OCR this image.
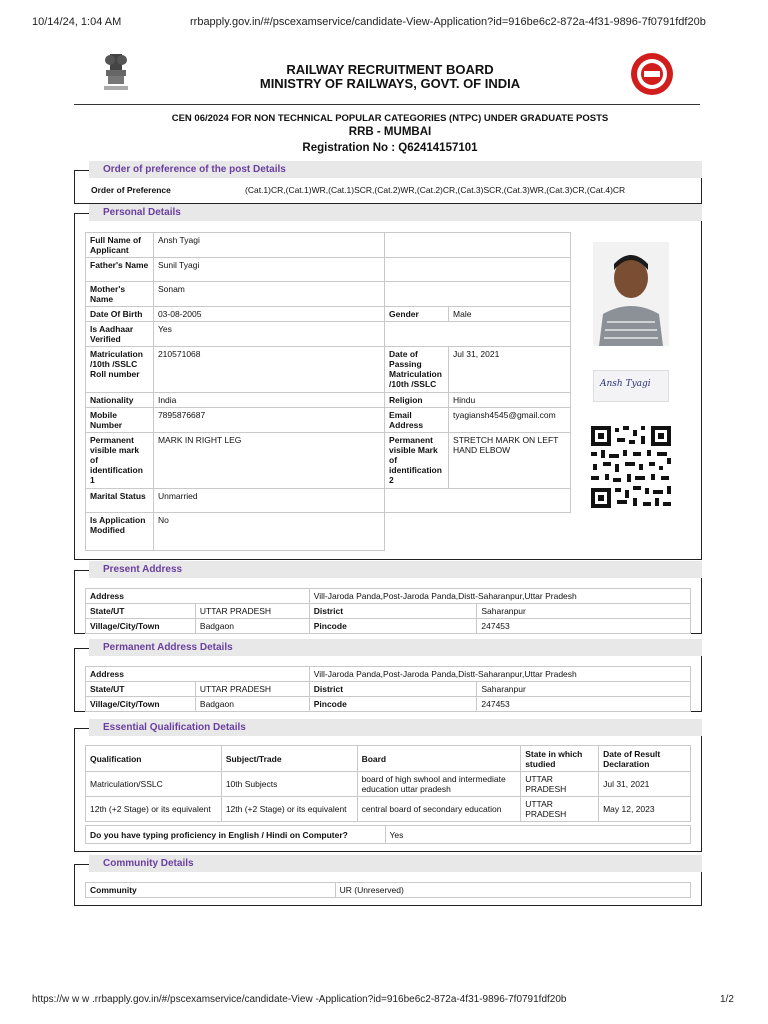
10/14/24, 1:04 AM	rrbapply.gov.in/#/pscexamservice/candidate-View-Application?id=916be6c2-872a-4f31-9896-7f0791fdf20b
RAILWAY RECRUITMENT BOARD
MINISTRY OF RAILWAYS, GOVT. OF INDIA
CEN 06/2024 FOR NON TECHNICAL POPULAR CATEGORIES (NTPC) UNDER GRADUATE POSTS
RRB - MUMBAI
Registration No : Q62414157101
Order of preference of the post Details
Order of Preference	(Cat.1)CR,(Cat.1)WR,(Cat.1)SCR,(Cat.2)WR,(Cat.2)CR,(Cat.3)SCR,(Cat.3)WR,(Cat.3)CR,(Cat.4)CR
Personal Details
Full Name of Applicant	Ansh Tyagi		
Father's Name	Sunil Tyagi		
Mother's Name	Sonam		
Date Of Birth	03-08-2005	Gender	Male
Is Aadhaar Verified	Yes		
Matriculation /10th /SSLC Roll number	210571068	Date of Passing Matriculation /10th /SSLC	Jul 31, 2021
Nationality	India	Religion	Hindu
Mobile Number	7895876687	Email Address	tyagiansh4545@gmail.com
Permanent visible mark of identification 1	MARK IN RIGHT LEG	Permanent visible Mark of identification 2	STRETCH MARK ON LEFT HAND ELBOW
Marital Status	Unmarried		
Is Application Modified	No		
Ansh Tyagi
Present Address
Address		Vill-Jaroda Panda,Post-Jaroda Panda,Distt-Saharanpur,Uttar Pradesh	
State/UT	UTTAR PRADESH	District	Saharanpur
Village/City/Town	Badgaon	Pincode	247453
Permanent Address Details
Address		Vill-Jaroda Panda,Post-Jaroda Panda,Distt-Saharanpur,Uttar Pradesh	
State/UT	UTTAR PRADESH	District	Saharanpur
Village/City/Town	Badgaon	Pincode	247453
Essential Qualification Details
Qualification	Subject/Trade	Board	State in which studied	Date of Result Declaration
Matriculation/SSLC	10th Subjects	board of high swhool and intermediate education uttar pradesh	UTTAR PRADESH	Jul 31, 2021
12th (+2 Stage) or its equivalent	12th (+2 Stage) or its equivalent	central board of secondary education	UTTAR PRADESH	May 12, 2023
Do you have typing proficiency in English / Hindi on Computer?	Yes
Community Details
Community	UR (Unreserved)
https://w w w .rrbapply.gov.in/#/pscexamservice/candidate-View -Application?id=916be6c2-872a-4f31-9896-7f0791fdf20b	1/2
